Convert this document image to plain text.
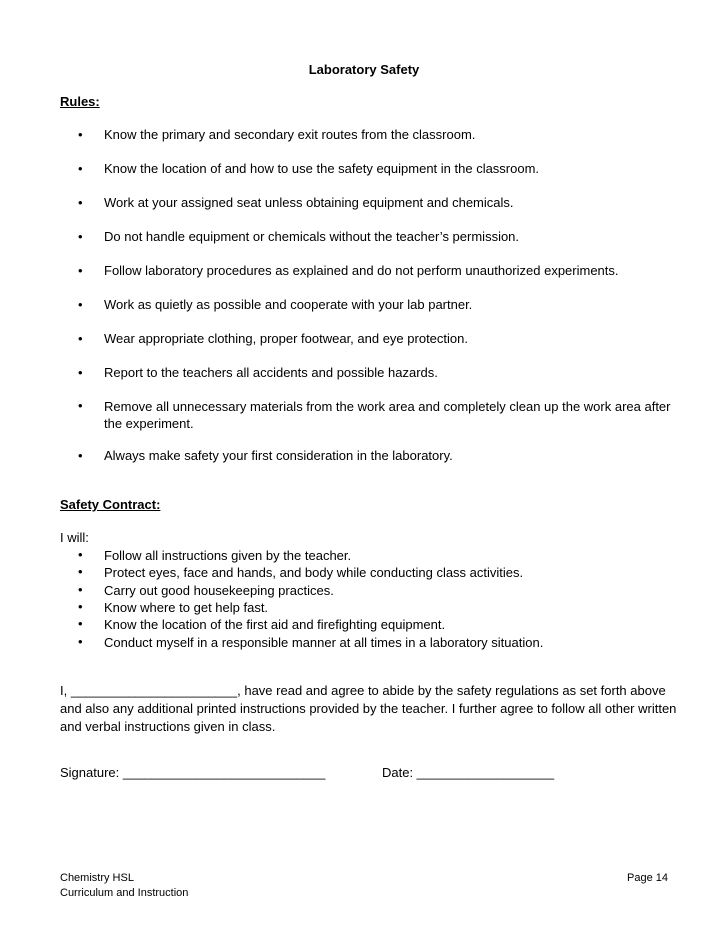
Laboratory Safety
Rules:
• Know the primary and secondary exit routes from the classroom.
• Know the location of and how to use the safety equipment in the classroom.
• Work at your assigned seat unless obtaining equipment and chemicals.
• Do not handle equipment or chemicals without the teacher’s permission.
• Follow laboratory procedures as explained and do not perform unauthorized experiments.
• Work as quietly as possible and cooperate with your lab partner.
• Wear appropriate clothing, proper footwear, and eye protection.
• Report to the teachers all accidents and possible hazards.
• Remove all unnecessary materials from the work area and completely clean up the work area after the experiment.
• Always make safety your first consideration in the laboratory.
Safety Contract:
I will:
• Follow all instructions given by the teacher.
• Protect eyes, face and hands, and body while conducting class activities.
• Carry out good housekeeping practices.
• Know where to get help fast.
• Know the location of the first aid and firefighting equipment.
• Conduct myself in a responsible manner at all times in a laboratory situation.
I, _______________________, have read and agree to abide by the safety regulations as set forth above and also any additional printed instructions provided by the teacher. I further agree to follow all other written and verbal instructions given in class.
Signature: ____________________________	Date: ___________________
Chemistry HSL
Curriculum and Instruction
Page 14
